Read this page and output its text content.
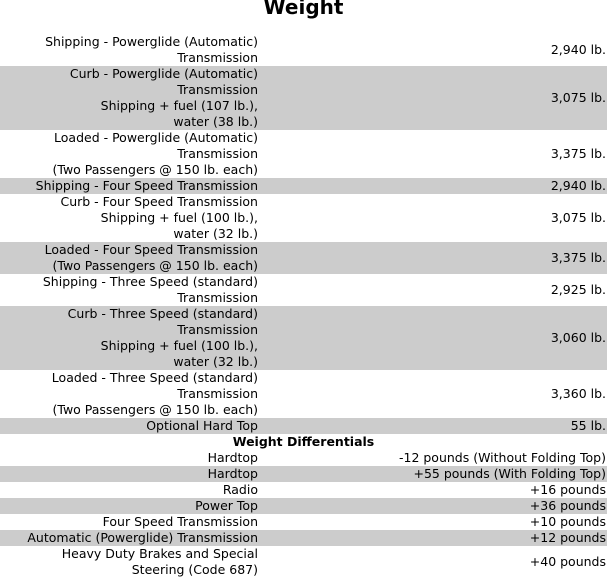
Weight
Shipping - Powerglide (Automatic)
Transmission	2,940 lb.

Curb - Powerglide (Automatic)
Transmission
Shipping + fuel (107 lb.),
water (38 lb.)	3,075 lb.

Loaded - Powerglide (Automatic)
Transmission
(Two Passengers @ 150 lb. each)	3,375 lb.

Shipping - Four Speed Transmission	2,940 lb.

Curb - Four Speed Transmission
Shipping + fuel (100 lb.),
water (32 lb.)	3,075 lb.

Loaded - Four Speed Transmission
(Two Passengers @ 150 lb. each)	3,375 lb.

Shipping - Three Speed (standard)
Transmission	2,925 lb.

Curb - Three Speed (standard)
Transmission
Shipping + fuel (100 lb.),
water (32 lb.)	3,060 lb.

Loaded - Three Speed (standard)
Transmission
(Two Passengers @ 150 lb. each)	3,360 lb.

Optional Hard Top	55 lb.
Weight Differentials	

Hardtop	-12 pounds (Without Folding Top)

Hardtop	+55 pounds (With Folding Top)

Radio	+16 pounds

Power Top	+36 pounds

Four Speed Transmission	+10 pounds

Automatic (Powerglide) Transmission	+12 pounds

Heavy Duty Brakes and Special
Steering (Code 687)	+40 pounds
